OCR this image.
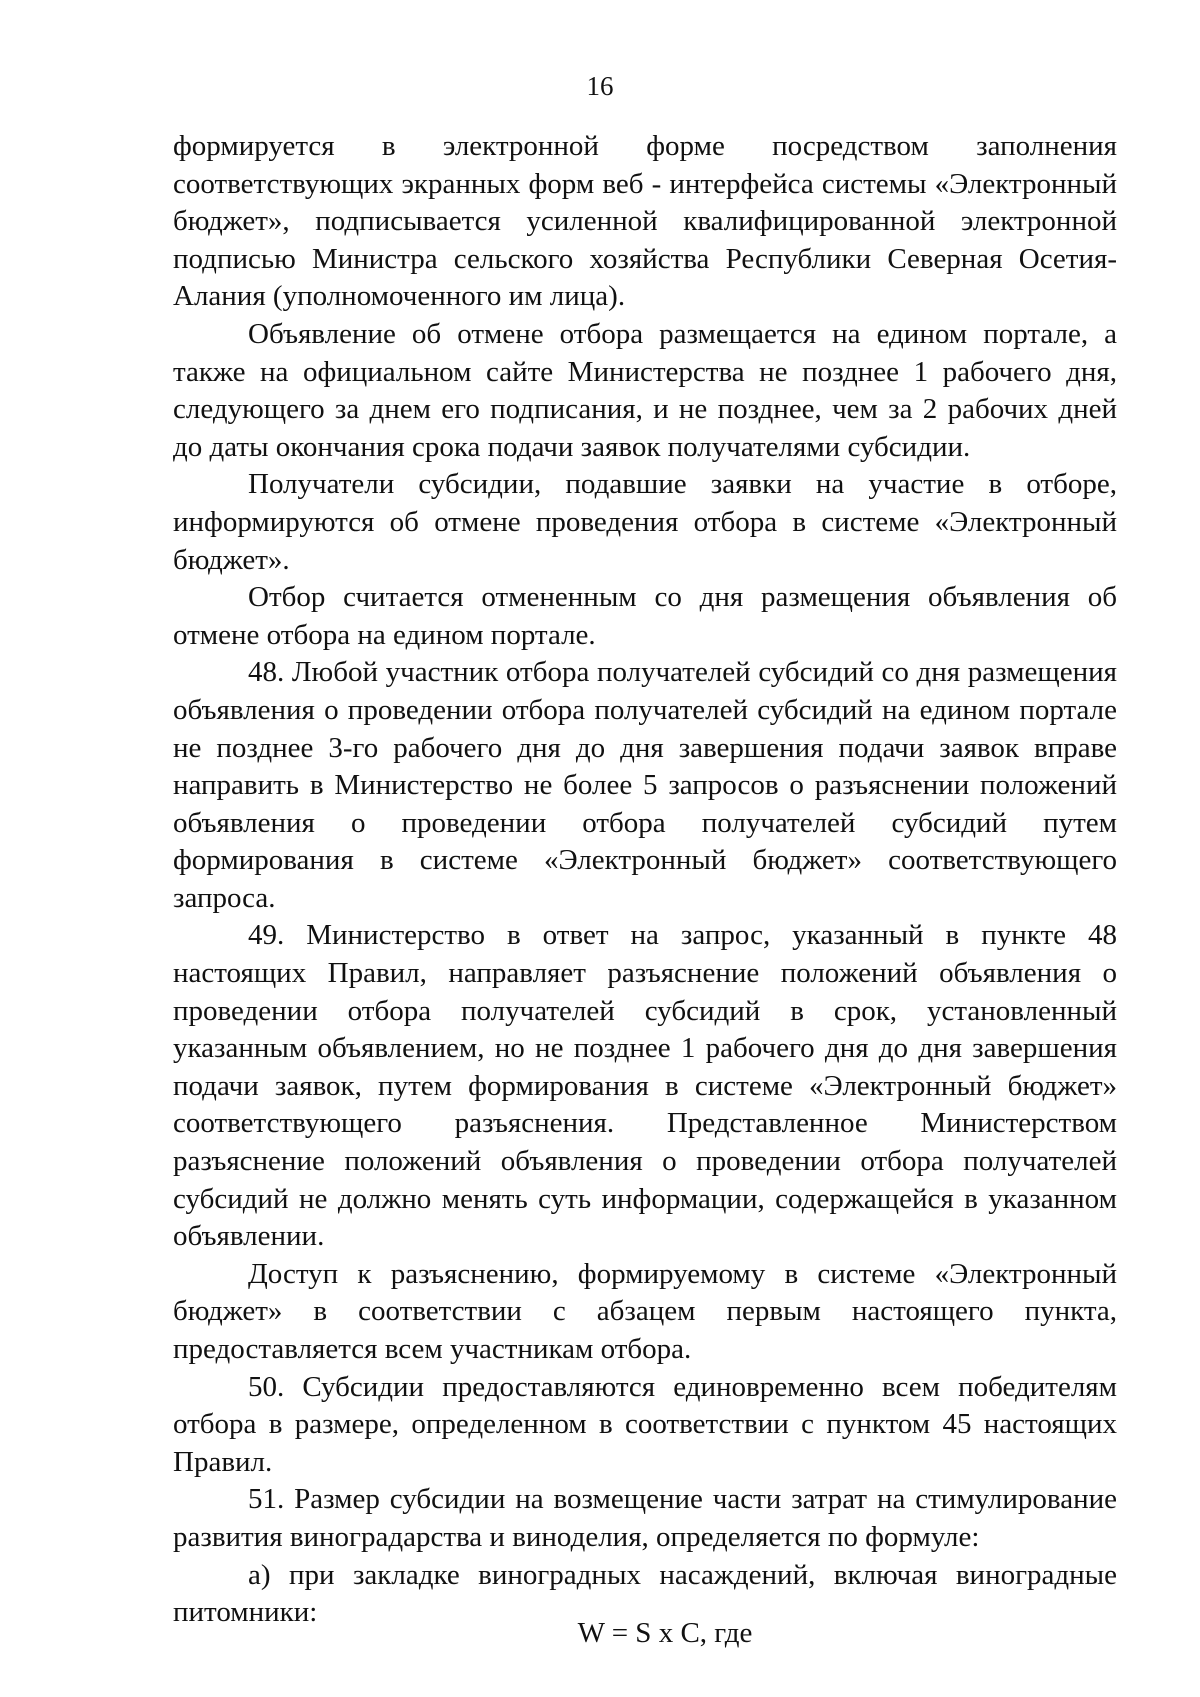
16

формируется в электронной форме посредством заполнения соответствующих экранных форм веб - интерфейса системы «Электронный бюджет», подписывается усиленной квалифицированной электронной подписью Министра сельского хозяйства Республики Северная Осетия-Алания (уполномоченного им лица).

Объявление об отмене отбора размещается на едином портале, а также на официальном сайте Министерства не позднее 1 рабочего дня, следующего за днем его подписания, и не позднее, чем за 2 рабочих дней до даты окончания срока подачи заявок получателями субсидии.

Получатели субсидии, подавшие заявки на участие в отборе, информируются об отмене проведения отбора в системе «Электронный бюджет».

Отбор считается отмененным со дня размещения объявления об отмене отбора на едином портале.

48. Любой участник отбора получателей субсидий со дня размещения объявления о проведении отбора получателей субсидий на едином портале не позднее 3-го рабочего дня до дня завершения подачи заявок вправе направить в Министерство не более 5 запросов о разъяснении положений объявления о проведении отбора получателей субсидий путем формирования в системе «Электронный бюджет» соответствующего запроса.

49. Министерство в ответ на запрос, указанный в пункте 48 настоящих Правил, направляет разъяснение положений объявления о проведении отбора получателей субсидий в срок, установленный указанным объявлением, но не позднее 1 рабочего дня до дня завершения подачи заявок, путем формирования в системе «Электронный бюджет» соответствующего разъяснения. Представленное Министерством разъяснение положений объявления о проведении отбора получателей субсидий не должно менять суть информации, содержащейся в указанном объявлении.

Доступ к разъяснению, формируемому в системе «Электронный бюджет» в соответствии с абзацем первым настоящего пункта, предоставляется всем участникам отбора.

50. Субсидии предоставляются единовременно всем победителям отбора в размере, определенном в соответствии с пунктом 45 настоящих Правил.

51. Размер субсидии на возмещение части затрат на стимулирование развития виноградарства и виноделия, определяется по формуле:

а) при закладке виноградных насаждений, включая виноградные питомники:

W = S x C, где
